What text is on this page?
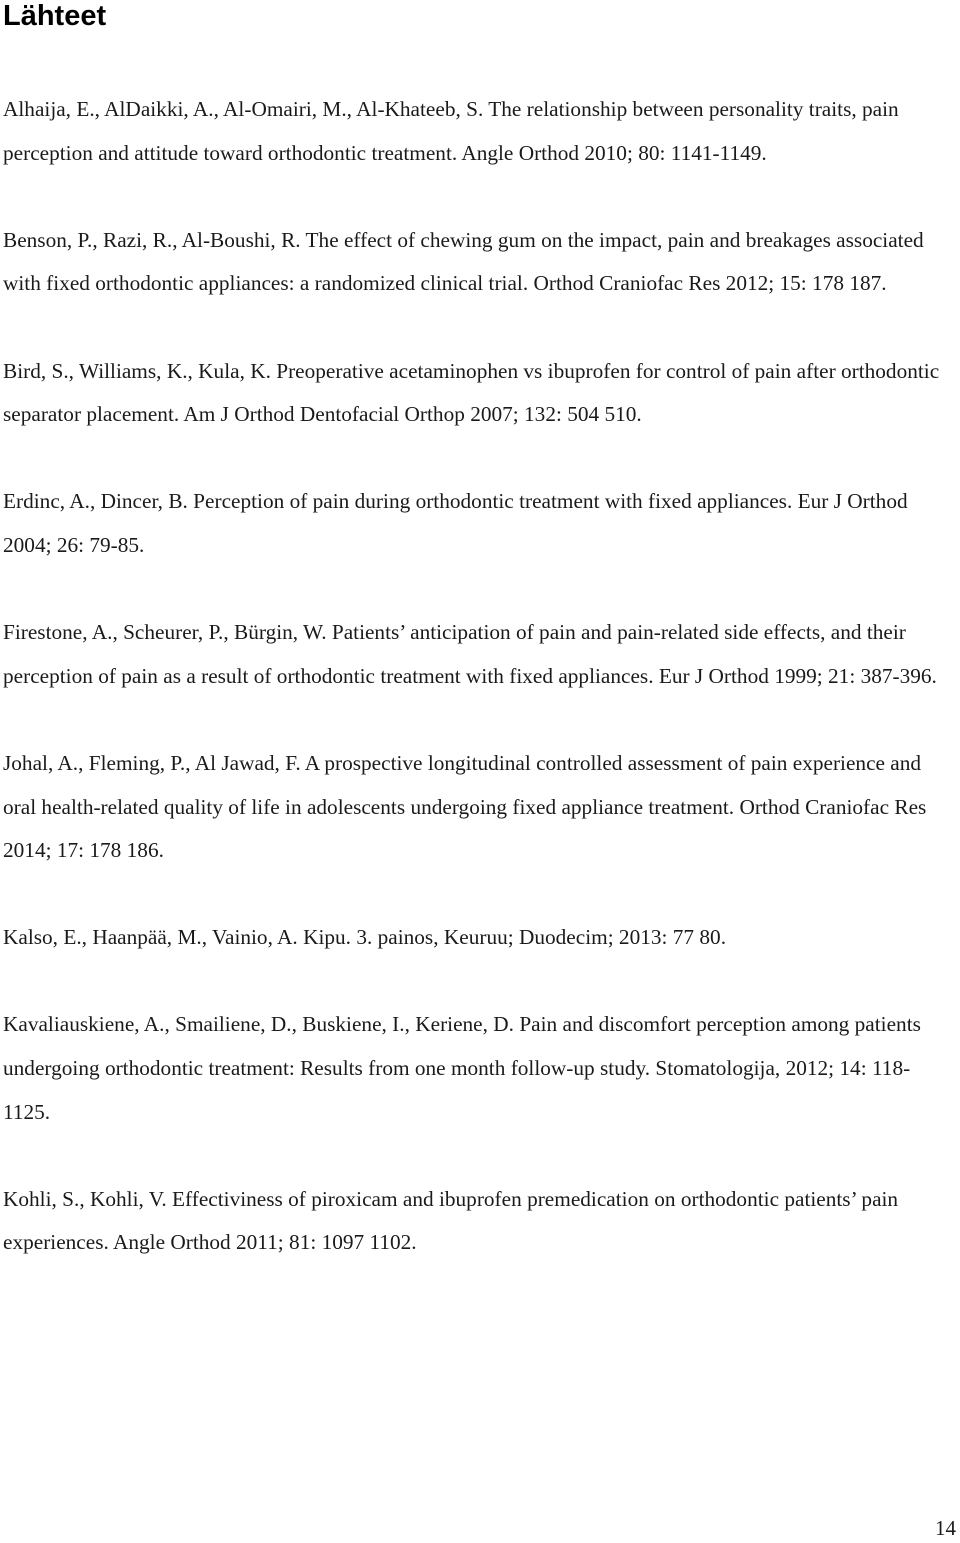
Lähteet
Alhaija, E., AlDaikki, A., Al-Omairi, M., Al-Khateeb, S. The relationship between personality traits, pain perception and attitude toward orthodontic treatment. Angle Orthod 2010; 80: 1141-1149.
Benson, P., Razi, R., Al-Boushi, R. The effect of chewing gum on the impact, pain and breakages associated with fixed orthodontic appliances: a randomized clinical trial. Orthod Craniofac Res 2012; 15: 178 187.
Bird, S., Williams, K., Kula, K. Preoperative acetaminophen vs ibuprofen for control of pain after orthodontic separator placement. Am J Orthod Dentofacial Orthop 2007; 132: 504 510.
Erdinc, A., Dincer, B. Perception of pain during orthodontic treatment with fixed appliances. Eur J Orthod 2004; 26: 79-85.
Firestone, A., Scheurer, P., Bürgin, W. Patients’ anticipation of pain and pain-related side effects, and their perception of pain as a result of orthodontic treatment with fixed appliances. Eur J Orthod 1999; 21: 387-396.
Johal, A., Fleming, P., Al Jawad, F. A prospective longitudinal controlled assessment of pain experience and oral health-related quality of life in adolescents undergoing fixed appliance treatment. Orthod Craniofac Res 2014; 17: 178 186.
Kalso, E., Haanpää, M., Vainio, A. Kipu. 3. painos, Keuruu; Duodecim; 2013: 77 80.
Kavaliauskiene, A., Smailiene, D., Buskiene, I., Keriene, D. Pain and discomfort perception among patients undergoing orthodontic treatment: Results from one month follow-up study. Stomatologija, 2012; 14: 118-1125.
Kohli, S., Kohli, V. Effectiviness of piroxicam and ibuprofen premedication on orthodontic patients’ pain experiences. Angle Orthod 2011; 81: 1097 1102.
14
